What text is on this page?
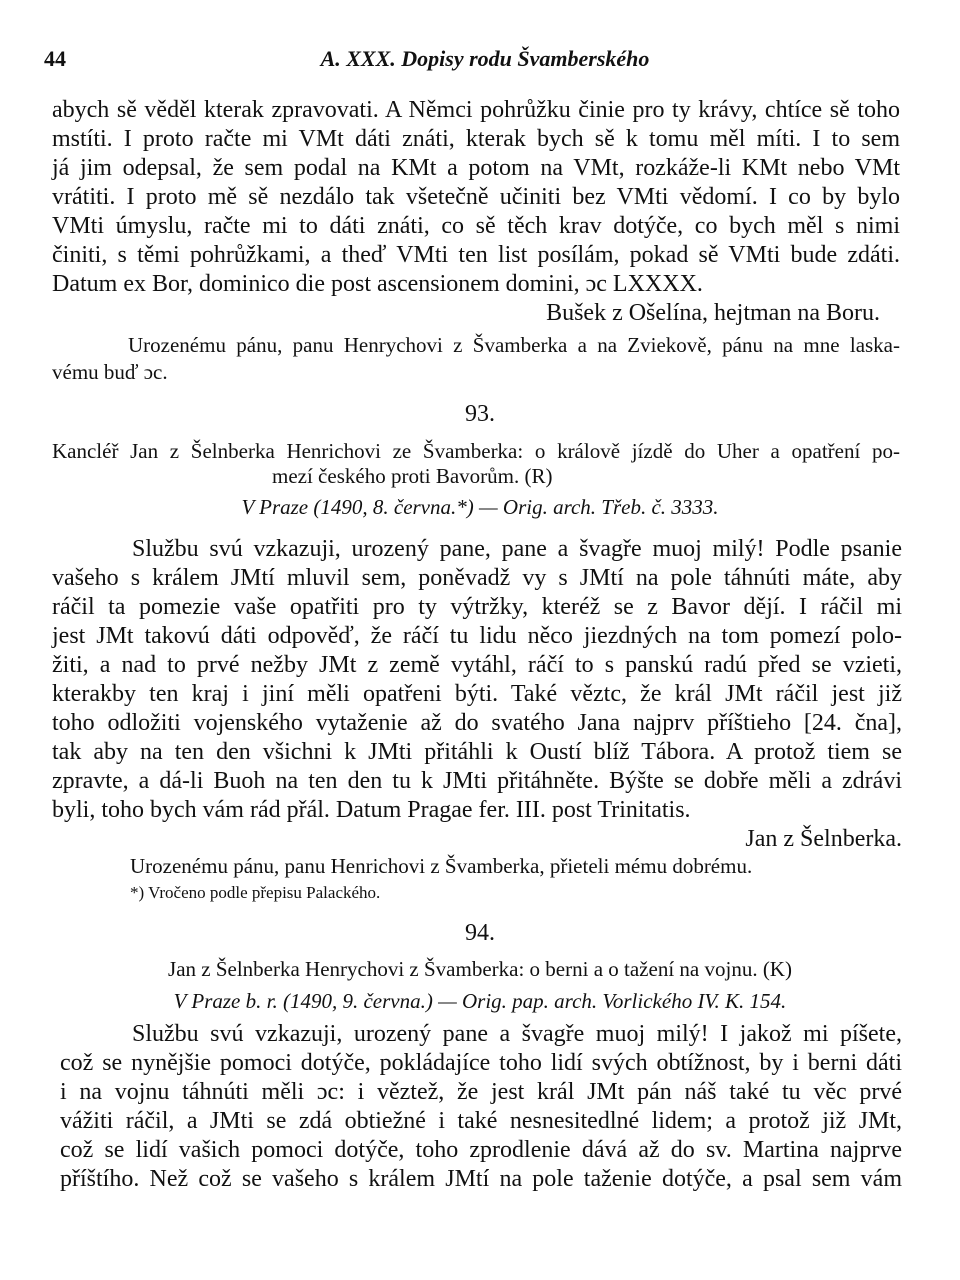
44	A. XXX. Dopisy rodu Švamberského
abych sě věděl kterak zpravovati. A Němci pohrůžku činie pro ty krávy, chtíce sě toho
mstíti. I proto račte mi VMt dáti znáti, kterak bych sě k tomu měl míti. I to sem
já jim odepsal, že sem podal na KMt a potom na VMt, rozkáže-li KMt nebo VMt
vrátiti. I proto mě sě nezdálo tak všetečně učiniti bez VMti vědomí. I co by bylo
VMti úmyslu, račte mi to dáti znáti, co sě těch krav dotýče, co bych měl s nimi
činiti, s těmi pohrůžkami, a theď VMti ten list posílám, pokad sě VMti bude zdáti.
Datum ex Bor, dominico die post ascensionem domini, ɔc LXXXX.
Bušek z Ošelína, hejtman na Boru.
Urozenému pánu, panu Henrychovi z Švamberka a na Zviekově, pánu na mne laska-
vému buď ɔc.
93.
Kancléř Jan z Šelnberka Henrichovi ze Švamberka: o králově jízdě do Uher a opatření po-
mezí českého proti Bavorům. (R)
V Praze (1490, 8. června.*) — Orig. arch. Třeb. č. 3333.
Službu svú vzkazuji, urozený pane, pane a švagře muoj milý! Podle psanie
vašeho s králem JMtí mluvil sem, poněvadž vy s JMtí na pole táhnúti máte, aby
ráčil ta pomezie vaše opatřiti pro ty výtržky, kteréž se z Bavor dějí. I ráčil mi
jest JMt takovú dáti odpověď, že ráčí tu lidu něco jiezdných na tom pomezí polo-
žiti, a nad to prvé nežby JMt z země vytáhl, ráčí to s panskú radú před se vzieti,
kterakby ten kraj i jiní měli opatřeni býti. Také věztc, že král JMt ráčil jest již
toho odložiti vojenského vytaženie až do svatého Jana najprv příštieho [24. čna],
tak aby na ten den všichni k JMti přitáhli k Oustí blíž Tábora. A protož tiem se
zpravte, a dá-li Buoh na ten den tu k JMti přitáhněte. Býšte se dobře měli a zdrávi
byli, toho bych vám rád přál. Datum Pragae fer. III. post Trinitatis.
Jan z Šelnberka.
Urozenému pánu, panu Henrichovi z Švamberka, přieteli mému dobrému.
*) Vročeno podle přepisu Palackého.
94.
Jan z Šelnberka Henrychovi z Švamberka: o berni a o tažení na vojnu. (K)
V Praze b. r. (1490, 9. června.) — Orig. pap. arch. Vorlického IV. K. 154.
Službu svú vzkazuji, urozený pane a švagře muoj milý! I jakož mi píšete,
což se nynějšie pomoci dotýče, pokládajíce toho lidí svých obtížnost, by i berni dáti
i na vojnu táhnúti měli ɔc: i věztež, že jest král JMt pán náš také tu věc prvé
vážiti ráčil, a JMti se zdá obtiežné i také nesnesitedlné lidem; a protož již JMt,
což se lidí vašich pomoci dotýče, toho zprodlenie dává až do sv. Martina najprve
příštího. Než což se vašeho s králem JMtí na pole taženie dotýče, a psal sem vám
